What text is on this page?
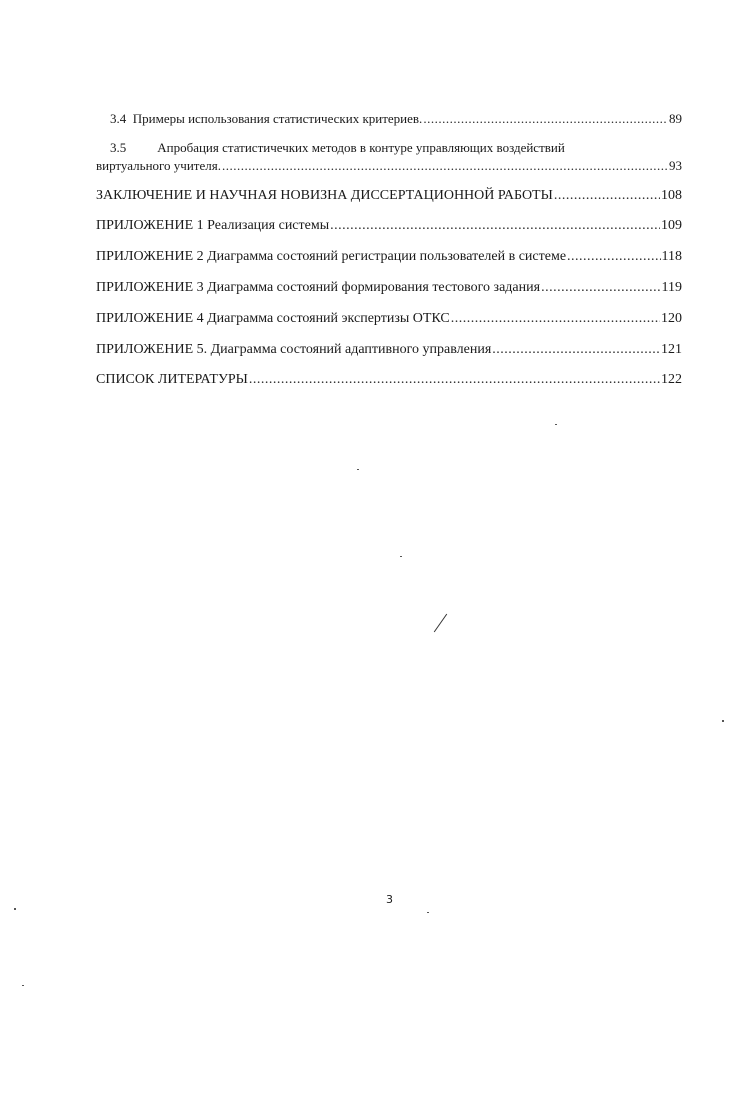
3.4 Примеры использования статистических критериев. .....	89
3.5 Апробация статистичечких методов в контуре управляющих воздействий
виртуального учителя. .....	93
ЗАКЛЮЧЕНИЕ И НАУЧНАЯ НОВИЗНА ДИССЕРТАЦИОННОЙ РАБОТЫ .....	108
ПРИЛОЖЕНИЕ 1 Реализация системы .....	109
ПРИЛОЖЕНИЕ 2 Диаграмма состояний регистрации пользователей в системе .....	118
ПРИЛОЖЕНИЕ 3 Диаграмма состояний формирования тестового задания .....	119
ПРИЛОЖЕНИЕ 4 Диаграмма состояний экспертизы ОТКС .....	120
ПРИЛОЖЕНИЕ 5. Диаграмма состояний адаптивного управления .....	121
СПИСОК ЛИТЕРАТУРЫ .....	122
3
